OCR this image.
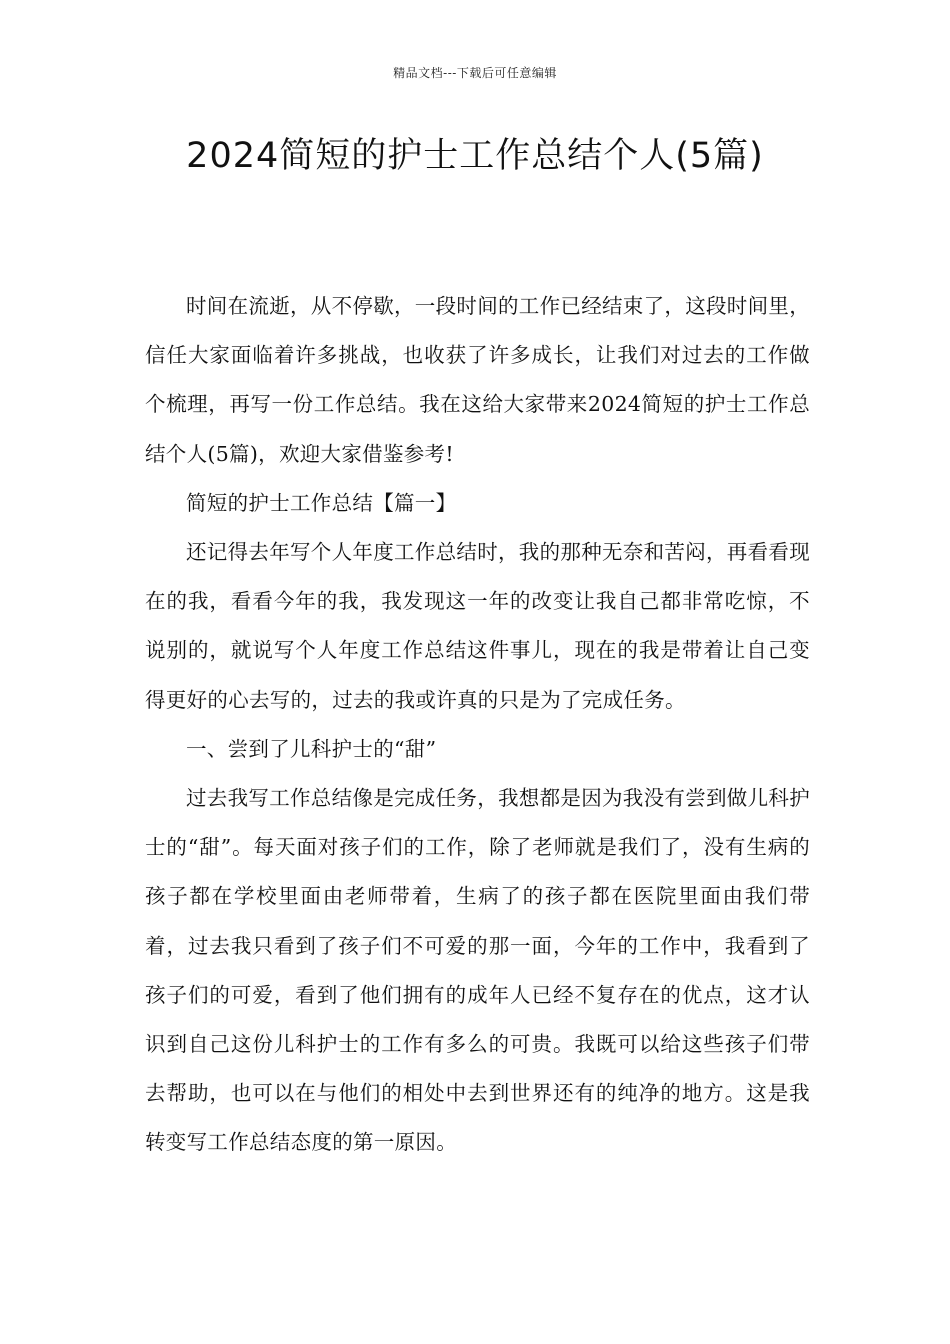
精品文档---下载后可任意编辑
2024简短的护士工作总结个人(5篇)

时间在流逝，从不停歇，一段时间的工作已经结束了，这段时间里，信任大家面临着许多挑战，也收获了许多成长，让我们对过去的工作做个梳理，再写一份工作总结。我在这给大家带来2024简短的护士工作总结个人(5篇)，欢迎大家借鉴参考!

简短的护士工作总结【篇一】

还记得去年写个人年度工作总结时，我的那种无奈和苦闷，再看看现在的我，看看今年的我，我发现这一年的改变让我自己都非常吃惊，不说别的，就说写个人年度工作总结这件事儿，现在的我是带着让自己变得更好的心去写的，过去的我或许真的只是为了完成任务。

一、尝到了儿科护士的“甜”

过去我写工作总结像是完成任务，我想都是因为我没有尝到做儿科护士的“甜”。每天面对孩子们的工作，除了老师就是我们了，没有生病的孩子都在学校里面由老师带着，生病了的孩子都在医院里面由我们带着，过去我只看到了孩子们不可爱的那一面，今年的工作中，我看到了孩子们的可爱，看到了他们拥有的成年人已经不复存在的优点，这才认识到自己这份儿科护士的工作有多么的可贵。我既可以给这些孩子们带去帮助，也可以在与他们的相处中去到世界还有的纯净的地方。这是我转变写工作总结态度的第一原因。
